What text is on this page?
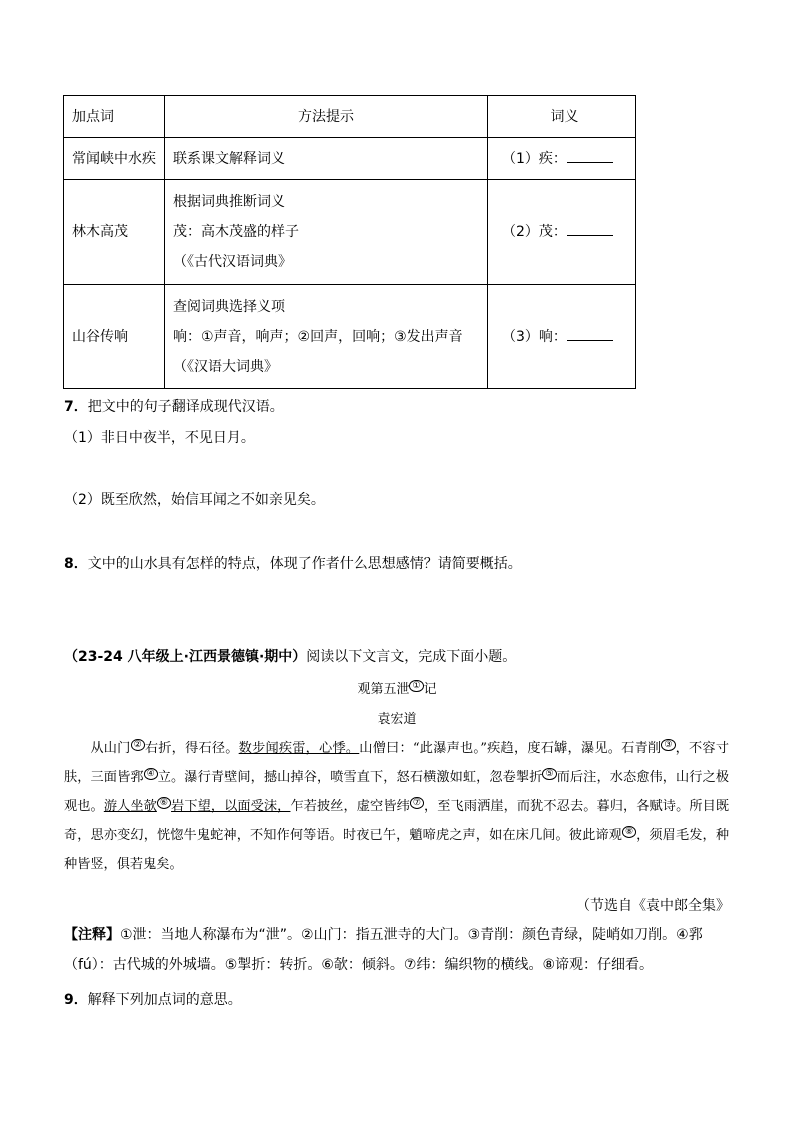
加点词	方法提示	词义
常闻峡中水疾	联系课文解释词义	（1）疾：
林木高茂	根据词典推断词义
茂：高木茂盛的样子
（《古代汉语词典》	（2）茂：
山谷传响	查阅词典选择义项
响：①声音，响声；②回声，回响；③发出声音
（《汉语大词典》	（3）响：
7．把文中的句子翻译成现代汉语。
（1）非日中夜半，不见日月。
（2）既至欣然，始信耳闻之不如亲见矣。
8．文中的山水具有怎样的特点，体现了作者什么思想感情？请简要概括。
（23-24 八年级上·江西景德镇·期中）阅读以下文言文，完成下面小题。
观第五泄 ① 记
袁宏道
从山门 ② 右折，得石径。数步闻疾雷，心悸。山僧曰：“此瀑声也。”疾趋，度石罅，瀑见。石青削 ③ ，不容寸肤，三面皆郛 ④ 立。瀑行青壁间，撼山掉谷，喷雪直下，怒石横激如虹，忽卷掣折 ⑤ 而后注，水态愈伟，山行之极观也。游人坐欹 ⑥ 岩下望，以面受沫，乍若披丝，虚空皆纬 ⑦ ，至飞雨洒崖，而犹不忍去。暮归，各赋诗。所目既奇，思亦变幻，恍惚牛鬼蛇神，不知作何等语。时夜已午，魈啼虎之声，如在床几间。彼此谛观 ⑧ ，须眉毛发，种种皆竖，俱若鬼矣。
（节选自《袁中郎全集》
【注释】①泄：当地人称瀑布为“泄”。②山门：指五泄寺的大门。③青削：颜色青绿，陡峭如刀削。④郛（fú）：古代城的外城墙。⑤掣折：转折。⑥欹：倾斜。⑦纬：编织物的横线。⑧谛观：仔细看。
9．解释下列加点词的意思。
